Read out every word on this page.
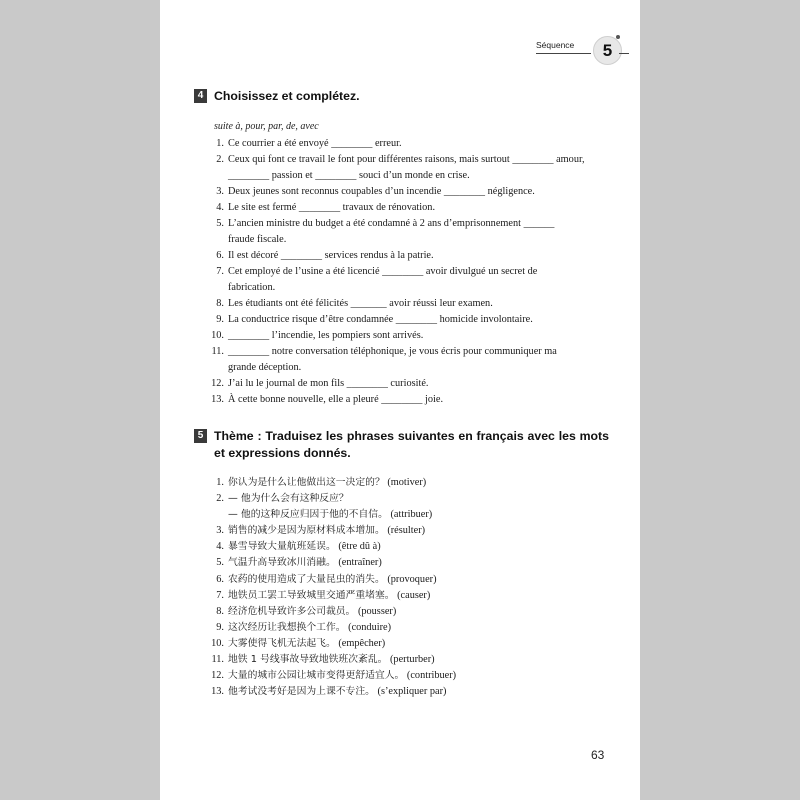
Séquence	5
4 Choisissez et complétez.
suite à, pour, par, de, avec
1. Ce courrier a été envoyé ________ erreur.
2. Ceux qui font ce travail le font pour différentes raisons, mais surtout ________ amour,
________ passion et ________ souci d’un monde en crise.
3. Deux jeunes sont reconnus coupables d’un incendie ________ négligence.
4. Le site est fermé ________ travaux de rénovation.
5. L’ancien ministre du budget a été condamné à 2 ans d’emprisonnement ______
fraude fiscale.
6. Il est décoré ________ services rendus à la patrie.
7. Cet employé de l’usine a été licencié ________ avoir divulgué un secret de
fabrication.
8. Les étudiants ont été félicités _______ avoir réussi leur examen.
9. La conductrice risque d’être condamnée ________ homicide involontaire.
10. ________ l’incendie, les pompiers sont arrivés.
11. ________ notre conversation téléphonique, je vous écris pour communiquer ma
grande déception.
12. J’ai lu le journal de mon fils ________ curiosité.
13. À cette bonne nouvelle, elle a pleuré ________ joie.
5 Thème : Traduisez les phrases suivantes en français avec les mots et expressions donnés.
1. 你认为是什么让他做出这一决定的？ (motiver)
2. — 他为什么会有这种反应？
— 他的这种反应归因于他的不自信。 (attribuer)
3. 销售的减少是因为原材料成本增加。 (résulter)
4. 暴雪导致大量航班延误。 (être dû à)
5. 气温升高导致冰川消融。 (entraîner)
6. 农药的使用造成了大量昆虫的消失。 (provoquer)
7. 地铁员工罢工导致城里交通严重堵塞。 (causer)
8. 经济危机导致许多公司裁员。 (pousser)
9. 这次经历让我想换个工作。 (conduire)
10. 大雾使得飞机无法起飞。 (empêcher)
11. 地铁 1 号线事故导致地铁班次紊乱。 (perturber)
12. 大量的城市公园让城市变得更舒适宜人。 (contribuer)
13. 他考试没考好是因为上课不专注。 (s’expliquer par)
63
